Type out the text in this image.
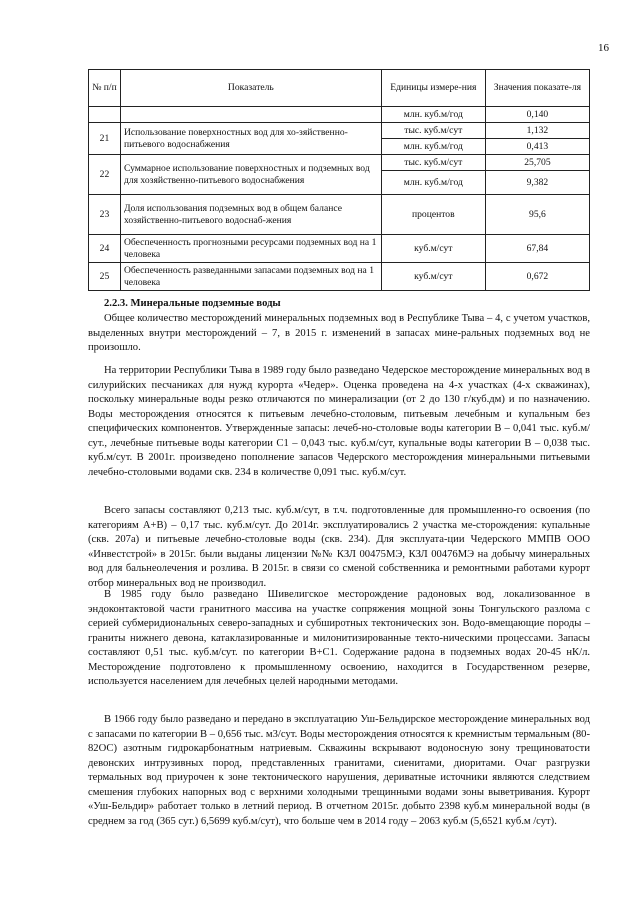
16
№ п/п	Показатель	Единицы измере-ния	Значения показате-ля
		млн. куб.м/год	0,140
21	Использование поверхностных вод для хо-зяйственно-питьевого водоснабжения	тыс. куб.м/сут	1,132
		млн. куб.м/год	0,413
22	Суммарное использование поверхностных и подземных вод для хозяйственно-питьевого водоснабжения	тыс. куб.м/сут	25,705
		млн. куб.м/год	9,382
23	Доля использования подземных вод в общем балансе хозяйственно-питьевого водоснаб-жения	процентов	95,6
24	Обеспеченность прогнозными ресурсами подземных вод на 1 человека	куб.м/сут	67,84
25	Обеспеченность разведанными запасами подземных вод на 1 человека	куб.м/сут	0,672
2.2.3. Минеральные подземные воды

Общее количество месторождений минеральных подземных вод в Республике Тыва – 4, с учетом участков, выделенных внутри месторождений – 7, в 2015 г. изменений в запасах мине-ральных подземных вод не произошло.

На территории Республики Тыва в 1989 году было разведано Чедерское месторождение минеральных вод в силурийских песчаниках для нужд курорта «Чедер». Оценка проведена на 4-х участках (4-х скважинах), поскольку минеральные воды резко отличаются по минерализации (от 2 до 130 г/куб.дм) и по назначению. Воды месторождения относятся к питьевым лечебно-столовым, питьевым лечебным и купальным без специфических компонентов. Утвержденные запасы: лечеб-но-столовые воды категории В – 0,041 тыс. куб.м/сут., лечебные питьевые воды категории С1 – 0,043 тыс. куб.м/сут, купальные воды категории В – 0,038 тыс. куб.м/сут. В 2001г. произведено пополнение запасов Чедерского месторождения минеральными питьевыми лечебно-столовыми водами скв. 234 в количестве 0,091 тыс. куб.м/сут.

Всего запасы составляют 0,213 тыс. куб.м/сут, в т.ч. подготовленные для промышленно-го освоения (по категориям А+В) – 0,17 тыс. куб.м/сут. До 2014г. эксплуатировались 2 участка ме-сторождения: купальные (скв. 207а) и питьевые лечебно-столовые воды (скв. 234). Для эксплуата-ции Чедерского ММПВ ООО «Инвестстрой» в 2015г. были выданы лицензии №№ КЗЛ 00475МЭ, КЗЛ 00476МЭ на добычу минеральных вод для бальнеолечения и розлива. В 2015г. в связи со сменой собственника и ремонтными работами курорт отбор минеральных вод не производил.

В 1985 году было разведано Шивелигское месторождение радоновых вод, локализованное в эндоконтактовой части гранитного массива на участке сопряжения мощной зоны Тонгульского разлома с серией субмеридиональных северо-западных и субширотных тектонических зон. Водо-вмещающие породы – граниты нижнего девона, катаклазированные и милонитизированные текто-ническими процессами. Запасы составляют 0,51 тыс. куб.м/сут. по категории В+С1. Содержание радона в подземных водах 20-45 нК/л. Месторождение подготовлено к промышленному освоению, находится в Государственном резерве, используется населением для лечебных целей народными методами.

В 1966 году было разведано и передано в эксплуатацию Уш-Бельдирское месторождение минеральных вод с запасами по категории В – 0,656 тыс. м3/сут. Воды месторождения относятся к кремнистым термальным (80-82ОС) азотным гидрокарбонатным натриевым. Скважины вскрывают водоносную зону трещиноватости девонских интрузивных пород, представленных гранитами, сиенитами, диоритами. Очаг разгрузки термальных вод приурочен к зоне тектонического нарушения, дериватные источники являются следствием смешения глубоких напорных вод с верхними холодными трещинными водами зоны выветривания. Курорт «Уш-Бельдир» работает только в летний период. В отчетном 2015г. добыто 2398 куб.м минеральной воды (в среднем за год (365 сут.) 6,5699 куб.м/сут), что больше чем в 2014 году – 2063 куб.м (5,6521 куб.м /сут).
